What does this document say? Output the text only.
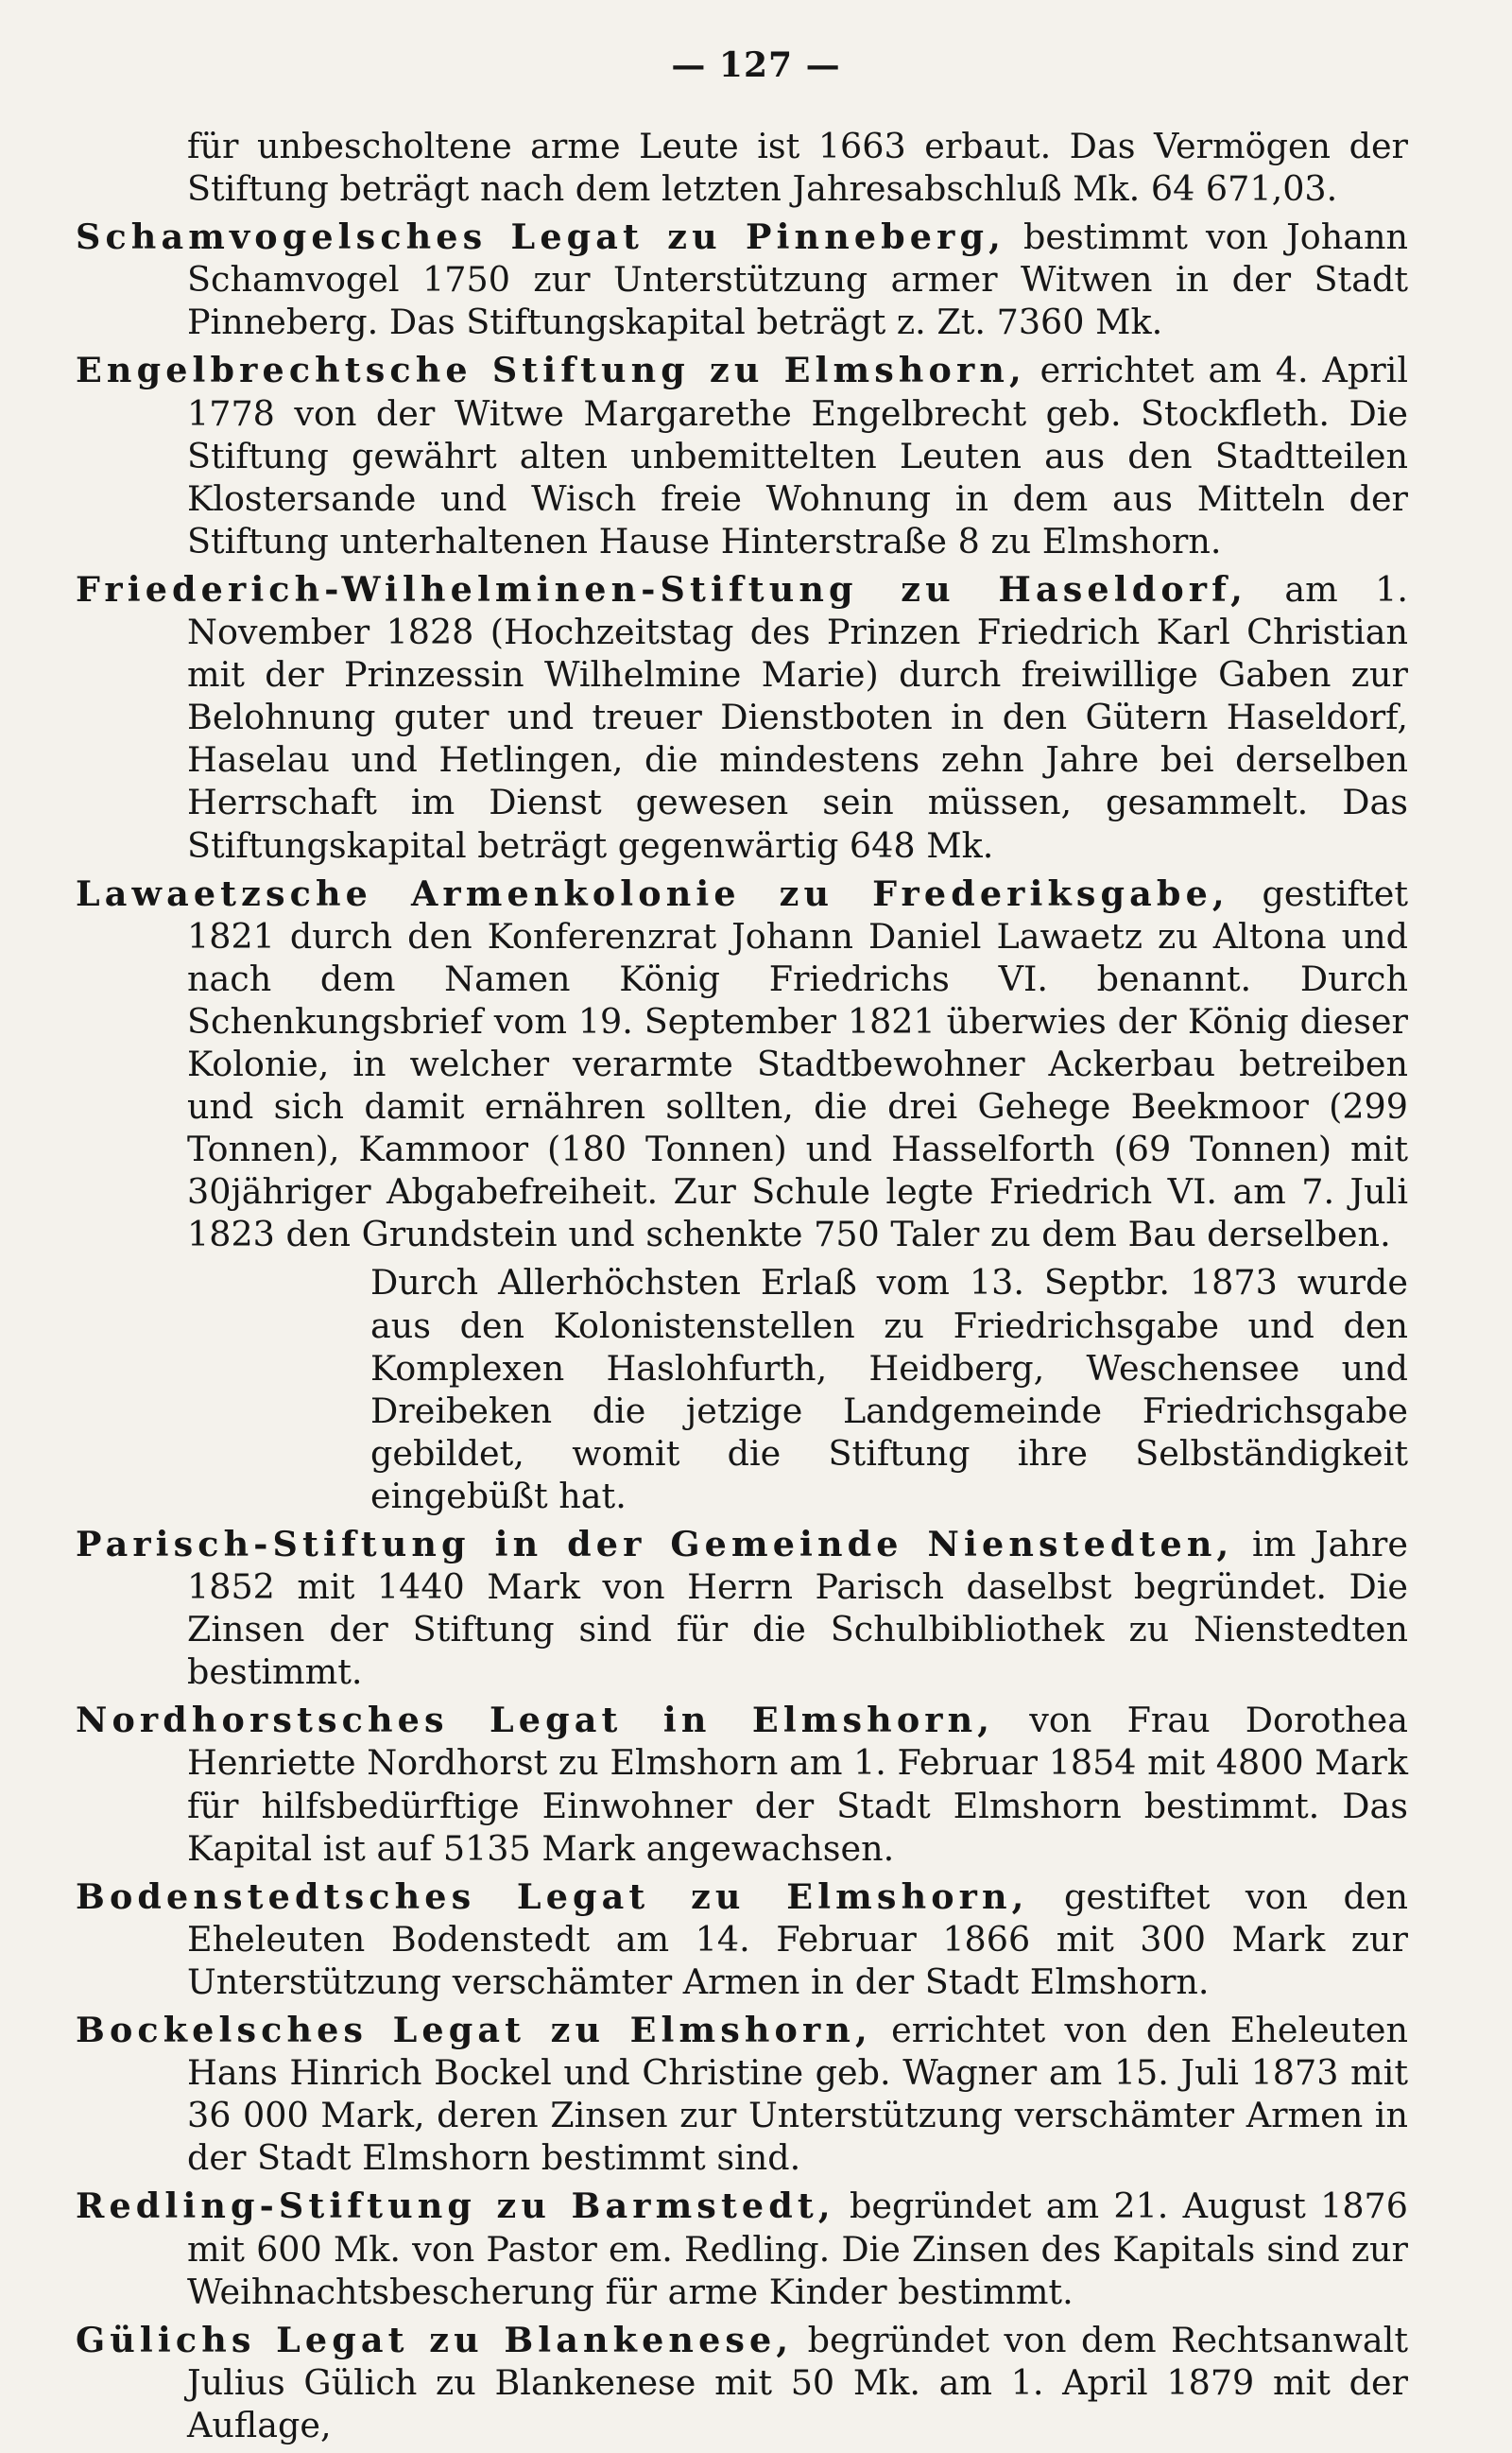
— 127 —
für unbescholtene arme Leute ist 1663 erbaut. Das Vermögen der Stiftung beträgt nach dem letzten Jahresabschluß Mk. 64 671,03.
Schamvogelsches Legat zu Pinneberg, bestimmt von Johann Schamvogel 1750 zur Unterstützung armer Witwen in der Stadt Pinneberg. Das Stiftungskapital beträgt z. Zt. 7360 Mk.
Engelbrechtsche Stiftung zu Elmshorn, errichtet am 4. April 1778 von der Witwe Margarethe Engelbrecht geb. Stockfleth. Die Stiftung gewährt alten unbemittelten Leuten aus den Stadtteilen Klostersande und Wisch freie Wohnung in dem aus Mitteln der Stiftung unterhaltenen Hause Hinterstraße 8 zu Elmshorn.
Friederich-Wilhelminen-Stiftung zu Haseldorf, am 1. November 1828 (Hochzeitstag des Prinzen Friedrich Karl Christian mit der Prinzessin Wilhelmine Marie) durch freiwillige Gaben zur Belohnung guter und treuer Dienstboten in den Gütern Haseldorf, Haselau und Hetlingen, die mindestens zehn Jahre bei derselben Herrschaft im Dienst gewesen sein müssen, gesammelt. Das Stiftungskapital beträgt gegenwärtig 648 Mk.
Lawaetzsche Armenkolonie zu Frederiksgabe, gestiftet 1821 durch den Konferenzrat Johann Daniel Lawaetz zu Altona und nach dem Namen König Friedrichs VI. benannt. Durch Schenkungsbrief vom 19. September 1821 überwies der König dieser Kolonie, in welcher verarmte Stadtbewohner Ackerbau betreiben und sich damit ernähren sollten, die drei Gehege Beekmoor (299 Tonnen), Kammoor (180 Tonnen) und Hasselforth (69 Tonnen) mit 30jähriger Abgabefreiheit. Zur Schule legte Friedrich VI. am 7. Juli 1823 den Grundstein und schenkte 750 Taler zu dem Bau derselben.
Durch Allerhöchsten Erlaß vom 13. Septbr. 1873 wurde aus den Kolonistenstellen zu Friedrichsgabe und den Komplexen Haslohfurth, Heidberg, Weschensee und Dreibeken die jetzige Landgemeinde Friedrichsgabe gebildet, womit die Stiftung ihre Selbständigkeit eingebüßt hat.
Parisch-Stiftung in der Gemeinde Nienstedten, im Jahre 1852 mit 1440 Mark von Herrn Parisch daselbst begründet. Die Zinsen der Stiftung sind für die Schulbibliothek zu Nienstedten bestimmt.
Nordhorstsches Legat in Elmshorn, von Frau Dorothea Henriette Nordhorst zu Elmshorn am 1. Februar 1854 mit 4800 Mark für hilfsbedürftige Einwohner der Stadt Elmshorn bestimmt. Das Kapital ist auf 5135 Mark angewachsen.
Bodenstedtsches Legat zu Elmshorn, gestiftet von den Eheleuten Bodenstedt am 14. Februar 1866 mit 300 Mark zur Unterstützung verschämter Armen in der Stadt Elmshorn.
Bockelsches Legat zu Elmshorn, errichtet von den Eheleuten Hans Hinrich Bockel und Christine geb. Wagner am 15. Juli 1873 mit 36 000 Mark, deren Zinsen zur Unterstützung verschämter Armen in der Stadt Elmshorn bestimmt sind.
Redling-Stiftung zu Barmstedt, begründet am 21. August 1876 mit 600 Mk. von Pastor em. Redling. Die Zinsen des Kapitals sind zur Weihnachtsbescherung für arme Kinder bestimmt.
Gülichs Legat zu Blankenese, begründet von dem Rechtsanwalt Julius Gülich zu Blankenese mit 50 Mk. am 1. April 1879 mit der Auflage,
